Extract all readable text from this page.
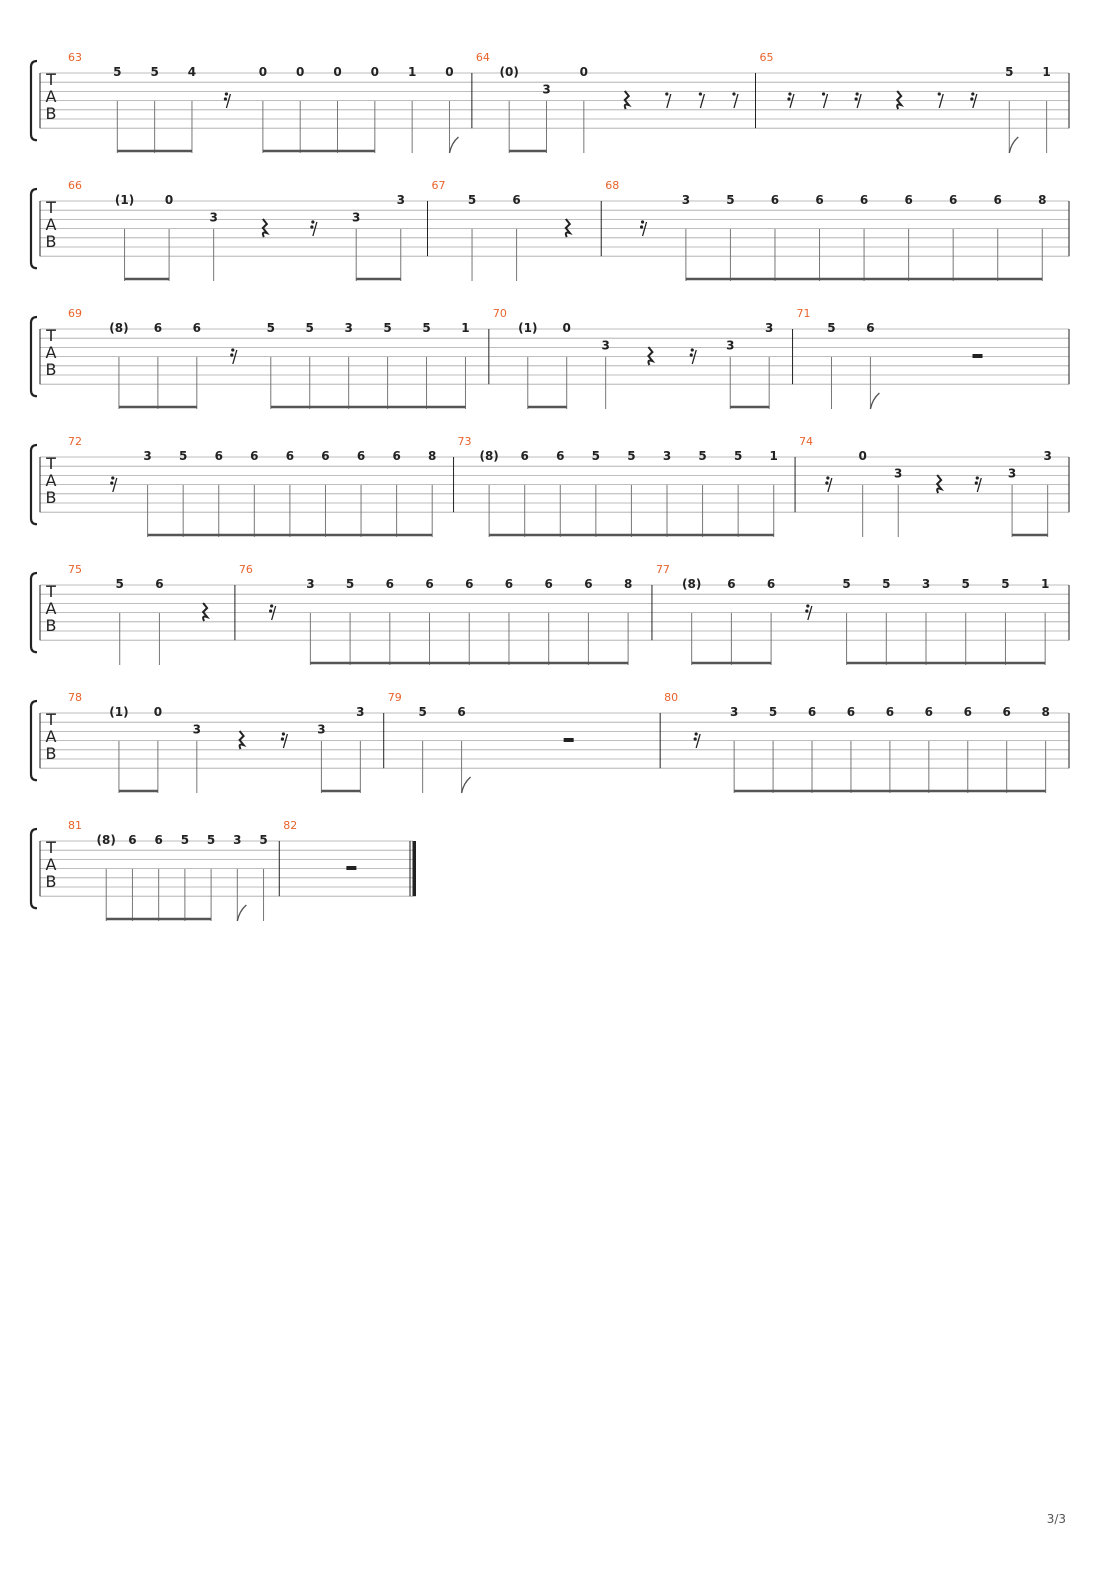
T
A
B
63
5 5 4	0 0 0 0 1 0
64
(0)
3
0
65
5 1
T
A
B
66
(1)	0
3	3
3
67
5	6
68
3	5	6	6	6	6	6	6	8
T
A
B
69
(8) 6	6	5	5	3	5	5	1
70
(1) 0
3	3
3
71
5	6
T
A
B
72
3 5 6 6 6 6 6 6 8
73
(8) 6 6 5 5 3 5 5 1
74
0
3	3
3
T
A
B
75
5	6
76
3	5	6	6	6	6	6	6	8
77
(8) 6	6	5	5	3	5	5	1
T
A
B
78
(1) 0
3	3
3
79
5	6
80
3	5	6	6	6	6	6	6	8
T
A
B
81
(8) 6 6 5 5 3 5
82
3/3
